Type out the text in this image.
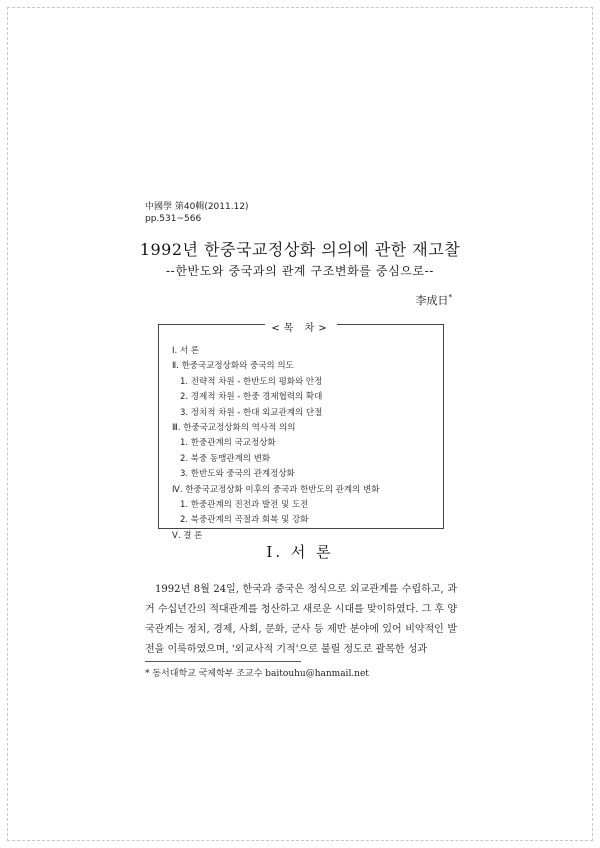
中國學 第40輯(2011.12)
pp.531~566
1992년 한중국교정상화 의의에 관한 재고찰
--한반도와 중국과의 관계 구조변화를 중심으로--
李成日*
<목 차>
Ⅰ. 서 론
Ⅱ. 한중국교정상화와 중국의 의도
1. 전략적 차원 - 한반도의 평화와 안정
2. 경제적 차원 - 한중 경제협력의 확대
3. 정치적 차원 - 한대 외교관계의 단절
Ⅲ. 한중국교정상화의 역사적 의의
1. 한중관계의 국교정상화
2. 북중 동맹관계의 변화
3. 한반도와 중국의 관계정상화
Ⅳ. 한중국교정상화 이후의 중국과 한반도의 관계의 변화
1. 한중관계의 진전과 발전 및 도전
2. 북중관계의 곡절과 회복 및 강화
Ⅴ. 결 론
Ⅰ. 서 론

1992년 8월 24일, 한국과 중국은 정식으로 외교관계를 수립하고, 과거 수십년간의 적대관계를 청산하고 새로운 시대를 맞이하였다. 그 후 양국관계는 정치, 경제, 사회, 문화, 군사 등 제반 분야에 있어 비약적인 발전을 이룩하였으며, '외교사적 기적'으로 불릴 정도로 괄목한 성과

* 동서대학교 국제학부 조교수 baitouhu@hanmail.net
